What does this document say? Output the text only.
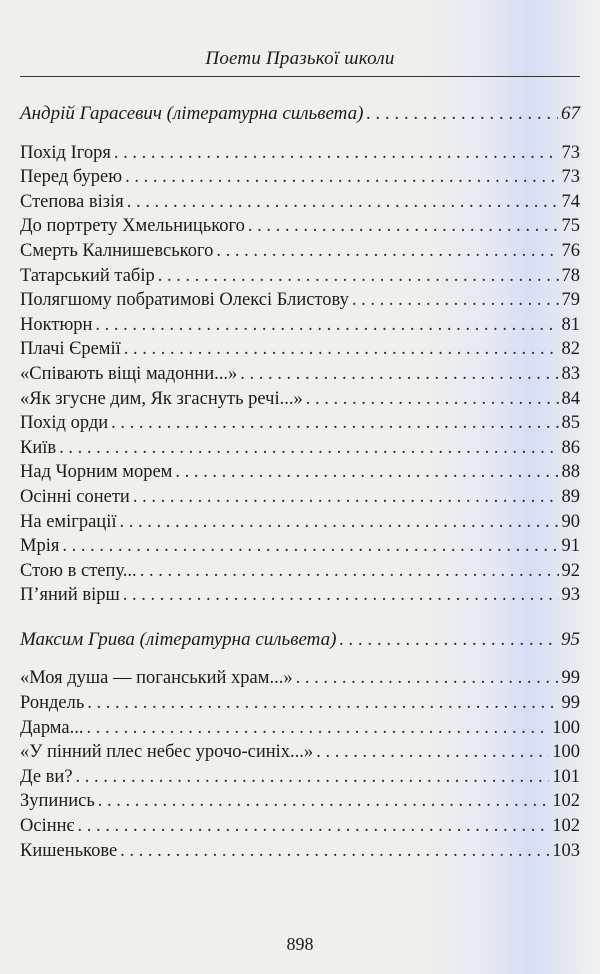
Поети Празької школи
Андрій Гарасевич (літературна сильвета) . . .	67
Похід Ігоря . . .	73
Перед бурею . . .	73
Степова візія . . .	74
До портрету Хмельницького . . .	75
Смерть Калнишевського . . .	76
Татарський табір . . .	78
Полягшому побратимові Олексі Блистову . . .	79
Ноктюрн . . .	81
Плачі Єремії . . .	82
«Співають віщі мадонни...» . . .	83
«Як згусне дим, Як згаснуть речі...» . . .	84
Похід орди . . .	85
Київ . . .	86
Над Чорним морем . . .	88
Осінні сонети . . .	89
На еміграції . . .	90
Мрія . . .	91
Стою в степу... . . .	92
П’яний вірш . . .	93
Максим Грива (літературна сильвета) . . .	95
«Моя душа — поганський храм...» . . .	99
Рондель . . .	99
Дарма... . . .	100
«У пінний плес небес урочо-синіх...» . . .	100
Де ви? . . .	101
Зупинись . . .	102
Осіннє . . .	102
Кишенькове . . .	103
898
